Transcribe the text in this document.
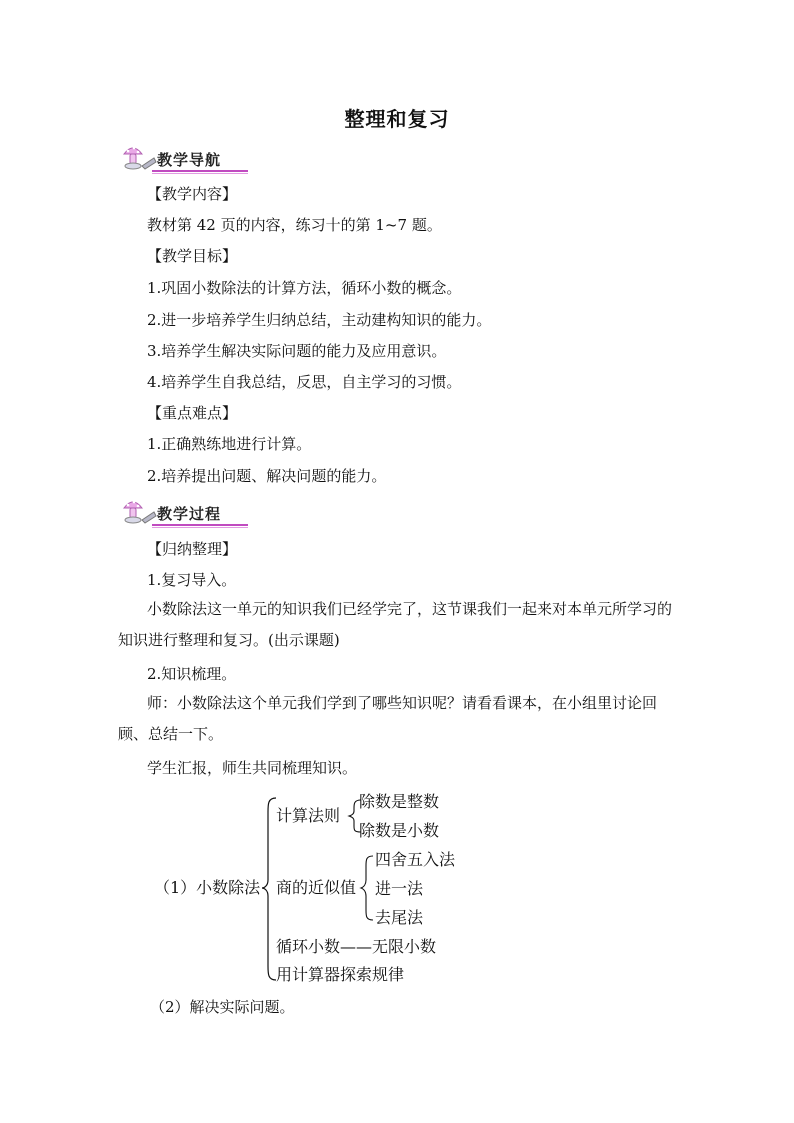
整理和复习
教学导航
【教学内容】
教材第 42 页的内容，练习十的第 1~7 题。
【教学目标】
1.巩固小数除法的计算方法，循环小数的概念。
2.进一步培养学生归纳总结，主动建构知识的能力。
3.培养学生解决实际问题的能力及应用意识。
4.培养学生自我总结，反思，自主学习的习惯。
【重点难点】
1.正确熟练地进行计算。
2.培养提出问题、解决问题的能力。
教学过程
【归纳整理】
1.复习导入。
小数除法这一单元的知识我们已经学完了，这节课我们一起来对本单元所学习的知识进行整理和复习。(出示课题)
2.知识梳理。
师：小数除法这个单元我们学到了哪些知识呢？请看看课本，在小组里讨论回顾、总结一下。
学生汇报，师生共同梳理知识。
（1）小数除法
计算法则
除数是整数
除数是小数
商的近似值
四舍五入法
进一法
去尾法
循环小数——无限小数
用计算器探索规律
（2）解决实际问题。
